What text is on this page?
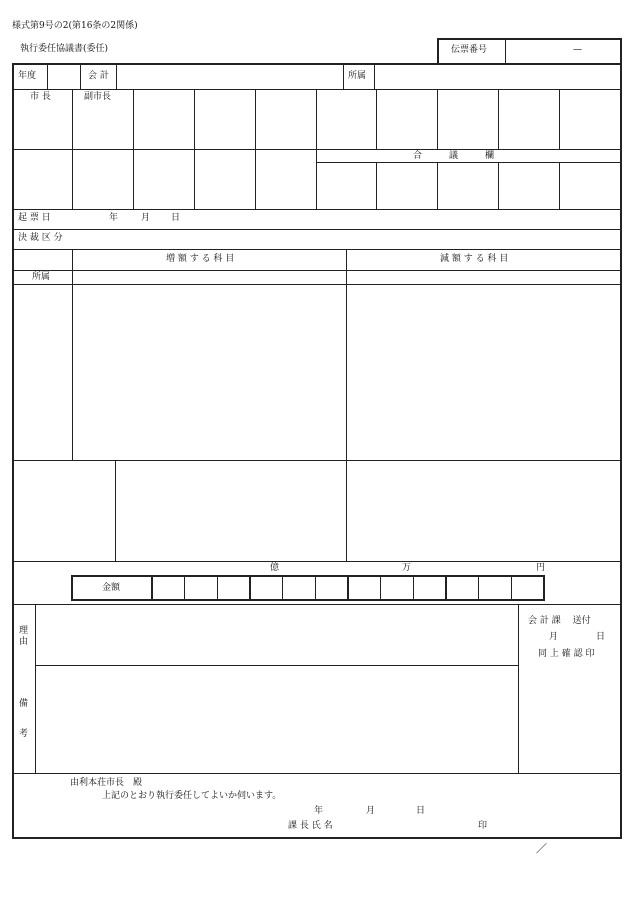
様式第9号の2(第16条の2関係)
執行委任協議書(委任)	伝票番号	—
年度	会 計	所属
市 長	副市長
合　　　議　　　欄
起 票 日	年	月 日
決 裁 区 分
増 額 す る 科 目	減 額 す る 科 目
所属
億	万	円
金額
理
由
備
考
会 計 課　 送付
月	日
同 上 確 認 印
由利本荘市長　殿
上記のとおり執行委任してよいか伺います。
年	月	日
課 長 氏 名	印
／
